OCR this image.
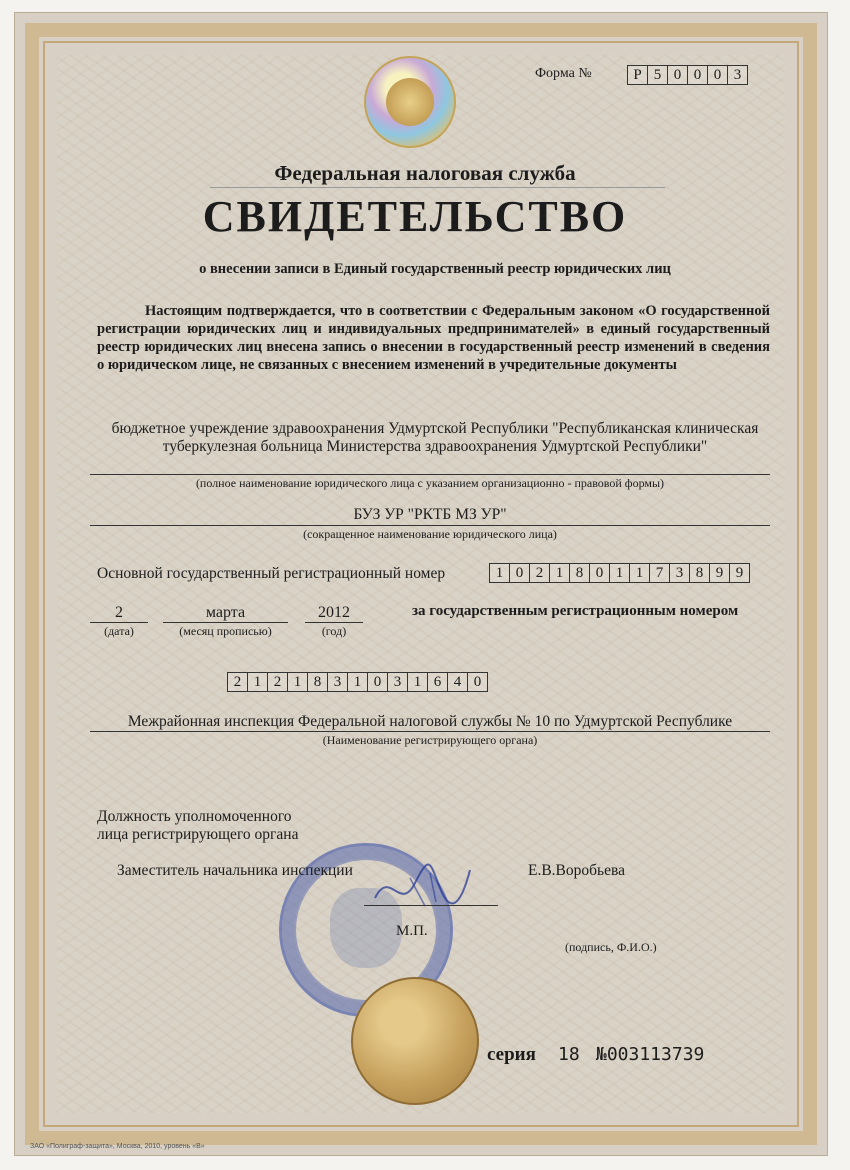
Форма №	Р 5 0 0 0 3
Федеральная налоговая служба
СВИДЕТЕЛЬСТВО
о внесении записи в Единый государственный реестр юридических лиц
Настоящим подтверждается, что в соответствии с Федеральным законом «О государственной регистрации юридических лиц и индивидуальных предпринимателей» в единый государственный реестр юридических лиц внесена запись о внесении в государственный реестр изменений в сведения о юридическом лице, не связанных с внесением изменений в учредительные документы
бюджетное учреждение здравоохранения Удмуртской Республики "Республиканская клиническая туберкулезная больница Министерства здравоохранения Удмуртской Республики"
(полное наименование юридического лица с указанием организационно - правовой формы)
БУЗ УР "РКТБ МЗ УР"
(сокращенное наименование юридического лица)
Основной государственный регистрационный номер	1 0 2 1 8 0 1 1 7 3 8 9 9
2
(дата)
марта
(месяц прописью)
2012
(год)
за государственным регистрационным номером
2 1 2 1 8 3 1 0 3 1 6 4 0
Межрайонная инспекция Федеральной налоговой службы № 10 по Удмуртской Республике
(Наименование регистрирующего органа)
Должность уполномоченного
лица регистрирующего органа
Заместитель начальника инспекции	Е.В.Воробьева
М.П.
(подпись, Ф.И.О.)
серия 18 №003113739
ЗАО «Полиграф-защита», Москва, 2010, уровень «В»
